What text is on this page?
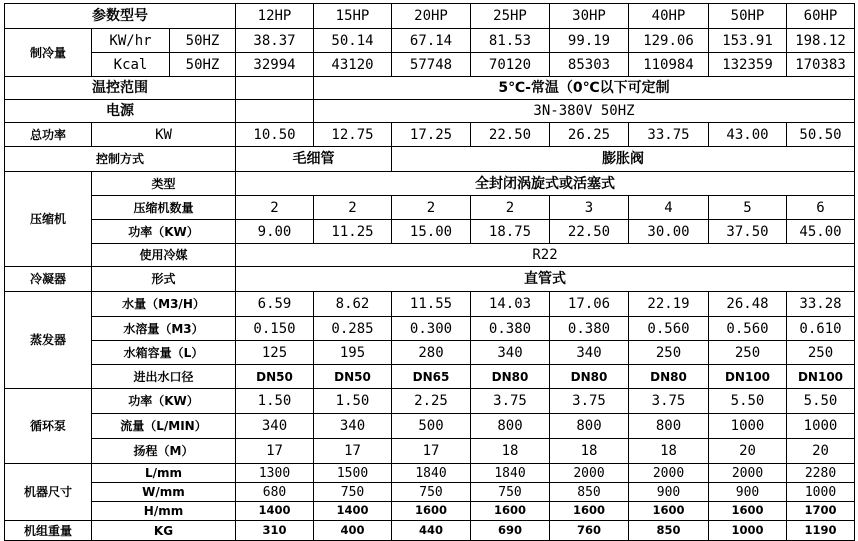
参数型号			12HP	15HP	20HP	25HP	30HP	40HP	50HP	60HP
制冷量	KW/hr	50HZ	38.37	50.14	67.14	81.53	99.19	129.06	153.91	198.12
	Kcal	50HZ	32994	43120	57748	70120	85303	110984	132359	170383
温控范围				5℃-常温（0℃以下可定制						
电源				3N-380V 50HZ						
总功率	KW		10.50	12.75	17.25	22.50	26.25	33.75	43.00	50.50
控制方式			毛细管		膨胀阀					
压缩机	类型		全封闭涡旋式或活塞式							
	压缩机数量		2	2	2	2	3	4	5	6
	功率（KW）		9.00	11.25	15.00	18.75	22.50	30.00	37.50	45.00
	使用冷媒		R22							
冷凝器	形式		直管式							
蒸发器	水量（M3/H）		6.59	8.62	11.55	14.03	17.06	22.19	26.48	33.28
	水溶量（M3）		0.150	0.285	0.300	0.380	0.380	0.560	0.560	0.610
	水箱容量（L）		125	195	280	340	340	250	250	250
	进出水口径		DN50	DN50	DN65	DN80	DN80	DN80	DN100	DN100
循环泵	功率（KW）		1.50	1.50	2.25	3.75	3.75	3.75	5.50	5.50
	流量（L/MIN）		340	340	500	800	800	800	1000	1000
	扬程（M）		17	17	17	18	18	18	20	20
机器尺寸	L/mm		1300	1500	1840	1840	2000	2000	2000	2280
	W/mm		680	750	750	750	850	900	900	1000
	H/mm		1400	1400	1600	1600	1600	1600	1600	1700
机组重量	KG		310	400	440	690	760	850	1000	1190
